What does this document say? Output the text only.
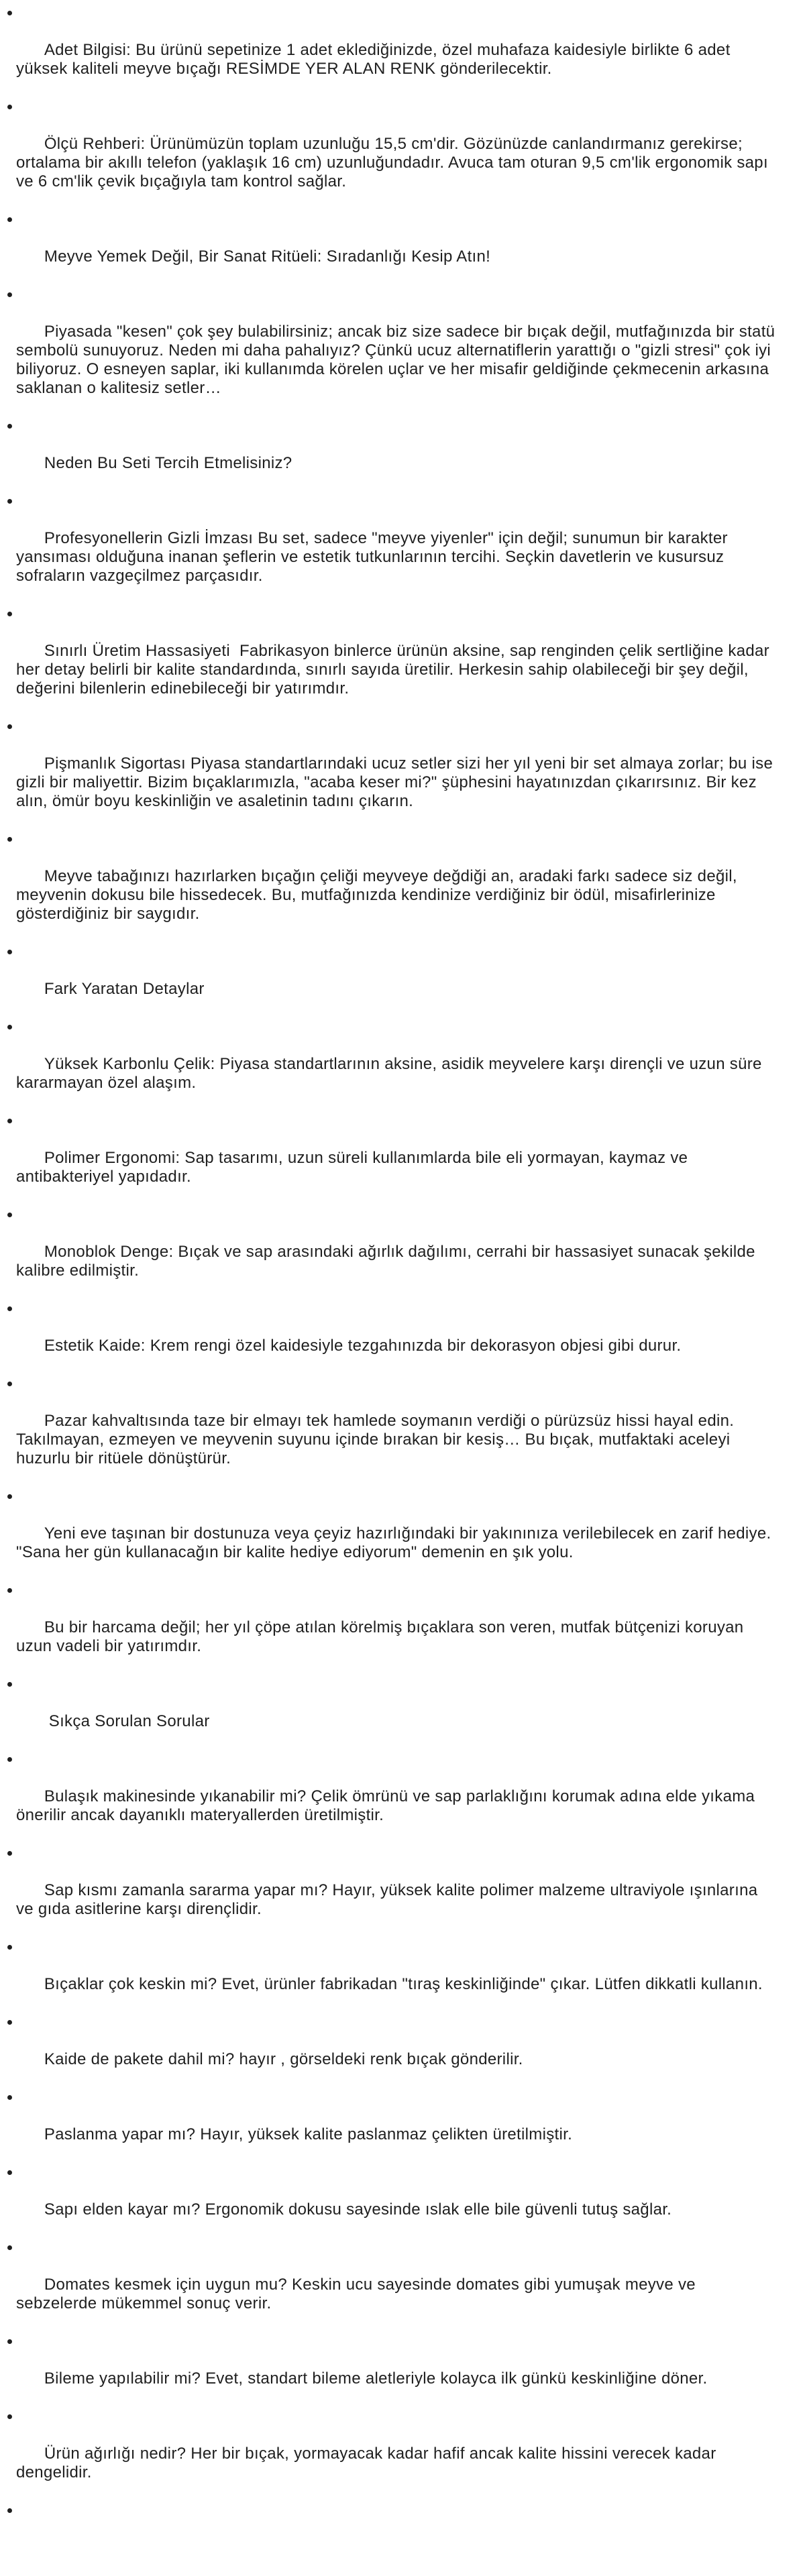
Adet Bilgisi: Bu ürünü sepetinize 1 adet eklediğinizde, özel muhafaza kaidesiyle birlikte 6 adet yüksek kaliteli meyve bıçağı RESİMDE YER ALAN RENK gönderilecektir.

Ölçü Rehberi: Ürünümüzün toplam uzunluğu 15,5 cm'dir. Gözünüzde canlandırmanız gerekirse; ortalama bir akıllı telefon (yaklaşık 16 cm) uzunluğundadır. Avuca tam oturan 9,5 cm'lik ergonomik sapı ve 6 cm'lik çevik bıçağıyla tam kontrol sağlar.

Meyve Yemek Değil, Bir Sanat Ritüeli: Sıradanlığı Kesip Atın!

Piyasada "kesen" çok şey bulabilirsiniz; ancak biz size sadece bir bıçak değil, mutfağınızda bir statü sembolü sunuyoruz. Neden mi daha pahalıyız? Çünkü ucuz alternatiflerin yarattığı o "gizli stresi" çok iyi biliyoruz. O esneyen saplar, iki kullanımda körelen uçlar ve her misafir geldiğinde çekmecenin arkasına saklanan o kalitesiz setler…

Neden Bu Seti Tercih Etmelisiniz?

Profesyonellerin Gizli İmzası Bu set, sadece "meyve yiyenler" için değil; sunumun bir karakter yansıması olduğuna inanan şeflerin ve estetik tutkunlarının tercihi. Seçkin davetlerin ve kusursuz sofraların vazgeçilmez parçasıdır.

Sınırlı Üretim Hassasiyeti  Fabrikasyon binlerce ürünün aksine, sap renginden çelik sertliğine kadar her detay belirli bir kalite standardında, sınırlı sayıda üretilir. Herkesin sahip olabileceği bir şey değil, değerini bilenlerin edinebileceği bir yatırımdır.

Pişmanlık Sigortası Piyasa standartlarındaki ucuz setler sizi her yıl yeni bir set almaya zorlar; bu ise gizli bir maliyettir. Bizim bıçaklarımızla, "acaba keser mi?" şüphesini hayatınızdan çıkarırsınız. Bir kez alın, ömür boyu keskinliğin ve asaletinin tadını çıkarın.

Meyve tabağınızı hazırlarken bıçağın çeliği meyveye değdiği an, aradaki farkı sadece siz değil, meyvenin dokusu bile hissedecek. Bu, mutfağınızda kendinize verdiğiniz bir ödül, misafirlerinize gösterdiğiniz bir saygıdır.

Fark Yaratan Detaylar

Yüksek Karbonlu Çelik: Piyasa standartlarının aksine, asidik meyvelere karşı dirençli ve uzun süre kararmayan özel alaşım.

Polimer Ergonomi: Sap tasarımı, uzun süreli kullanımlarda bile eli yormayan, kaymaz ve antibakteriyel yapıdadır.

Monoblok Denge: Bıçak ve sap arasındaki ağırlık dağılımı, cerrahi bir hassasiyet sunacak şekilde kalibre edilmiştir.

Estetik Kaide: Krem rengi özel kaidesiyle tezgahınızda bir dekorasyon objesi gibi durur.

Pazar kahvaltısında taze bir elmayı tek hamlede soymanın verdiği o pürüzsüz hissi hayal edin. Takılmayan, ezmeyen ve meyvenin suyunu içinde bırakan bir kesiş… Bu bıçak, mutfaktaki aceleyi huzurlu bir ritüele dönüştürür.

Yeni eve taşınan bir dostunuza veya çeyiz hazırlığındaki bir yakınınıza verilebilecek en zarif hediye. "Sana her gün kullanacağın bir kalite hediye ediyorum" demenin en şık yolu.

Bu bir harcama değil; her yıl çöpe atılan körelmiş bıçaklara son veren, mutfak bütçenizi koruyan uzun vadeli bir yatırımdır.

Sıkça Sorulan Sorular

Bulaşık makinesinde yıkanabilir mi? Çelik ömrünü ve sap parlaklığını korumak adına elde yıkama önerilir ancak dayanıklı materyallerden üretilmiştir.

Sap kısmı zamanla sararma yapar mı? Hayır, yüksek kalite polimer malzeme ultraviyole ışınlarına ve gıda asitlerine karşı dirençlidir.

Bıçaklar çok keskin mi? Evet, ürünler fabrikadan "tıraş keskinliğinde" çıkar. Lütfen dikkatli kullanın.

Kaide de pakete dahil mi? hayır , görseldeki renk bıçak gönderilir.

Paslanma yapar mı? Hayır, yüksek kalite paslanmaz çelikten üretilmiştir.

Sapı elden kayar mı? Ergonomik dokusu sayesinde ıslak elle bile güvenli tutuş sağlar.

Domates kesmek için uygun mu? Keskin ucu sayesinde domates gibi yumuşak meyve ve sebzelerde mükemmel sonuç verir.

Bileme yapılabilir mi? Evet, standart bileme aletleriyle kolayca ilk günkü keskinliğine döner.

Ürün ağırlığı nedir? Her bir bıçak, yormayacak kadar hafif ancak kalite hissini verecek kadar dengelidir.
